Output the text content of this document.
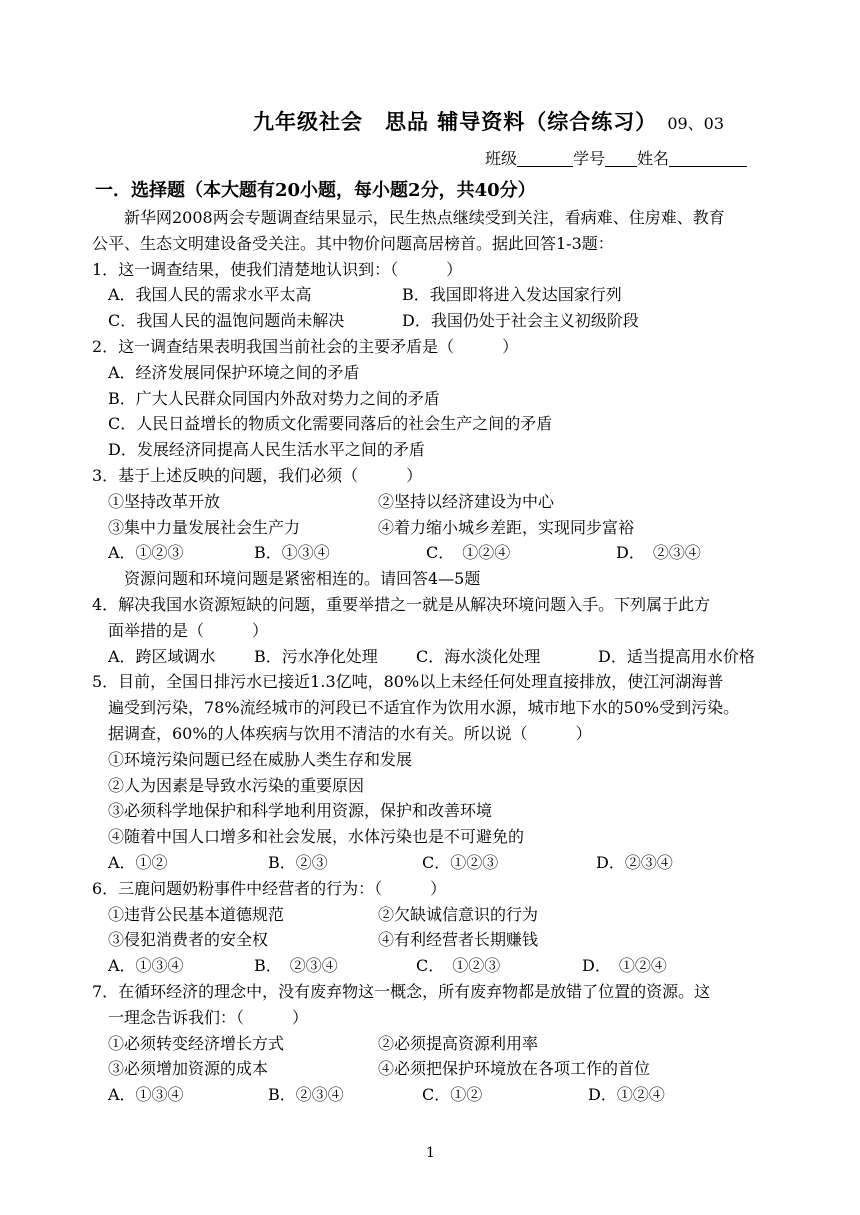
九年级社会　思品 辅导资料（综合练习） 09、03
班级	学号 姓名
一．选择题（本大题有20小题，每小题2分，共40分）
新华网2008两会专题调查结果显示，民生热点继续受到关注，看病难、住房难、教育
公平、生态文明建设备受关注。其中物价问题高居榜首。据此回答1-3题：
1．这一调查结果，使我们清楚地认识到：（　　　）
A．我国人民的需求水平太高	B．我国即将进入发达国家行列
C．我国人民的温饱问题尚未解决	D．我国仍处于社会主义初级阶段
2．这一调查结果表明我国当前社会的主要矛盾是（　　　）
A．经济发展同保护环境之间的矛盾
B．广大人民群众同国内外敌对势力之间的矛盾
C．人民日益增长的物质文化需要同落后的社会生产之间的矛盾
D．发展经济同提高人民生活水平之间的矛盾
3．基于上述反映的问题，我们必须（　　　）
①坚持改革开放	②坚持以经济建设为中心
③集中力量发展社会生产力	④着力缩小城乡差距，实现同步富裕
A．①②③	B．①③④	C．　①②④	D．　②③④
资源问题和环境问题是紧密相连的。请回答4—5题
4．解决我国水资源短缺的问题，重要举措之一就是从解决环境问题入手。下列属于此方
面举措的是（　　　）
A．跨区域调水	B．污水净化处理	C．海水淡化处理	D．适当提高用水价格
5．目前，全国日排污水已接近1.3亿吨，80%以上未经任何处理直接排放，使江河湖海普
遍受到污染，78%流经城市的河段已不适宜作为饮用水源，城市地下水的50%受到污染。
据调查，60%的人体疾病与饮用不清洁的水有关。所以说（　　　）
①环境污染问题已经在威胁人类生存和发展
②人为因素是导致水污染的重要原因
③必须科学地保护和科学地利用资源，保护和改善环境
④随着中国人口增多和社会发展，水体污染也是不可避免的
A．①②	B．②③	C．①②③	D．②③④
6．三鹿问题奶粉事件中经营者的行为：（　　　）
①违背公民基本道德规范	②欠缺诚信意识的行为
③侵犯消费者的安全权	④有利经营者长期赚钱
A．①③④	B．　②③④	C．　①②③	D．　①②④
7．在循环经济的理念中，没有废弃物这一概念，所有废弃物都是放错了位置的资源。这
一理念告诉我们：（　　　）
①必须转变经济增长方式	②必须提高资源利用率
③必须增加资源的成本	④必须把保护环境放在各项工作的首位
A．①③④	B．②③④	C．①②	D．①②④
1
